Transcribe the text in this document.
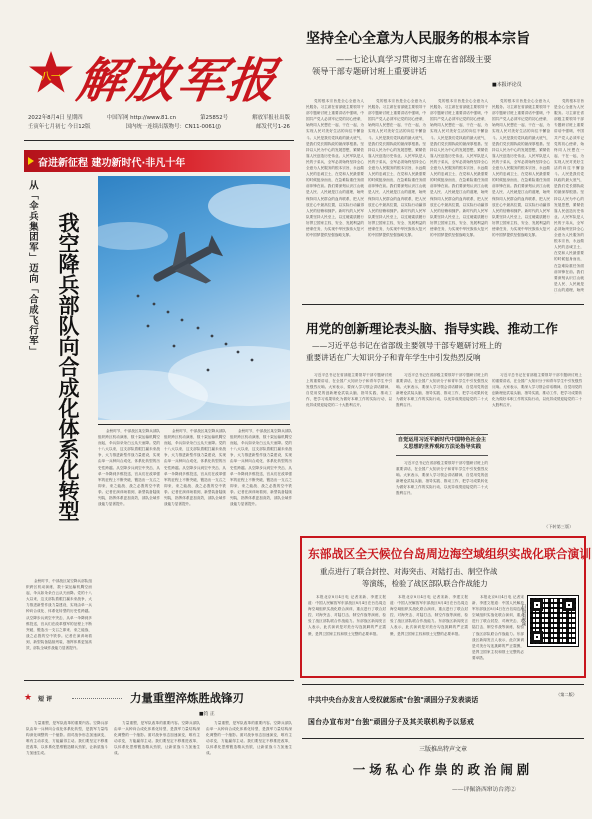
八一 解放军报
2022年8月4日 星期四	中国军网 http://www.81.cn	第25852号	解放军报社出版
壬寅年七月初七 今日12版	国内统一连续出版物号：CN11-0061(J)	邮发代号1-26
坚持全心全意为人民服务的根本宗旨
——七论认真学习贯彻习主席在省部级主要
领导干部专题研讨班上重要讲话
■本报评论员

党的根本宗旨是全心全意为人民服务。习主席在省部级主要领导干部专题研讨班上重要讲话中强调，中国共产党人必须牢记党的初心使命，始终同人民想在一起、干在一起，为实现人民对美好生活的向往不懈奋斗。人民是我们党执政的最大底气，是我们党长期执政的最深厚根基。坚持以人民为中心的发展思想，紧紧依靠人民创造历史伟业。人民军队是人民的子弟兵，全军必须始终坚持全心全意为人民服务的根本宗旨，永远做人民的忠诚卫士，在党和人民最需要的时候挺身而出，在急难险重任务面前冲锋在前。我们要深刻认识江山就是人民、人民就是江山的道理，始终保持同人民群众的血肉联系，把人民放在心中最高位置，以实际行动赢得人民的信赖和拥护。新时代的人民军队要坚持人民至上，以过硬素质履行好捍卫国家主权、安全、发展利益的使命任务，为实现中华民族伟大复兴的中国梦提供坚强战略支撑。

党的根本宗旨是全心全意为人民服务。习主席在省部级主要领导干部专题研讨班上重要讲话中强调，中国共产党人必须牢记党的初心使命，始终同人民想在一起、干在一起，为实现人民对美好生活的向往不懈奋斗。人民是我们党执政的最大底气，是我们党长期执政的最深厚根基。坚持以人民为中心的发展思想，紧紧依靠人民创造历史伟业。人民军队是人民的子弟兵，全军必须始终坚持全心全意为人民服务的根本宗旨，永远做人民的忠诚卫士，在党和人民最需要的时候挺身而出，在急难险重任务面前冲锋在前。我们要深刻认识江山就是人民、人民就是江山的道理，始终保持同人民群众的血肉联系，把人民放在心中最高位置，以实际行动赢得人民的信赖和拥护。新时代的人民军队要坚持人民至上，以过硬素质履行好捍卫国家主权、安全、发展利益的使命任务，为实现中华民族伟大复兴的中国梦提供坚强战略支撑。

党的根本宗旨是全心全意为人民服务。习主席在省部级主要领导干部专题研讨班上重要讲话中强调，中国共产党人必须牢记党的初心使命，始终同人民想在一起、干在一起，为实现人民对美好生活的向往不懈奋斗。人民是我们党执政的最大底气，是我们党长期执政的最深厚根基。坚持以人民为中心的发展思想，紧紧依靠人民创造历史伟业。人民军队是人民的子弟兵，全军必须始终坚持全心全意为人民服务的根本宗旨，永远做人民的忠诚卫士，在党和人民最需要的时候挺身而出，在急难险重任务面前冲锋在前。我们要深刻认识江山就是人民、人民就是江山的道理，始终保持同人民群众的血肉联系，把人民放在心中最高位置，以实际行动赢得人民的信赖和拥护。新时代的人民军队要坚持人民至上，以过硬素质履行好捍卫国家主权、安全、发展利益的使命任务，为实现中华民族伟大复兴的中国梦提供坚强战略支撑。

党的根本宗旨是全心全意为人民服务。习主席在省部级主要领导干部专题研讨班上重要讲话中强调，中国共产党人必须牢记党的初心使命，始终同人民想在一起、干在一起，为实现人民对美好生活的向往不懈奋斗。人民是我们党执政的最大底气，是我们党长期执政的最深厚根基。坚持以人民为中心的发展思想，紧紧依靠人民创造历史伟业。人民军队是人民的子弟兵，全军必须始终坚持全心全意为人民服务的根本宗旨，永远做人民的忠诚卫士，在党和人民最需要的时候挺身而出，在急难险重任务面前冲锋在前。我们要深刻认识江山就是人民、人民就是江山的道理，始终保持同人民群众的血肉联系，把人民放在心中最高位置，以实际行动赢得人民的信赖和拥护。新时代的人民军队要坚持人民至上，以过硬素质履行好捍卫国家主权、安全、发展利益的使命任务，为实现中华民族伟大复兴的中国梦提供坚强战略支撑。

党的根本宗旨是全心全意为人民服务。习主席在省部级主要领导干部专题研讨班上重要讲话中强调，中国共产党人必须牢记党的初心使命，始终同人民想在一起、干在一起，为实现人民对美好生活的向往不懈奋斗。人民是我们党执政的最大底气，是我们党长期执政的最深厚根基。坚持以人民为中心的发展思想，紧紧依靠人民创造历史伟业。人民军队是人民的子弟兵，全军必须始终坚持全心全意为人民服务的根本宗旨，永远做人民的忠诚卫士，在党和人民最需要的时候挺身而出，在急难险重任务面前冲锋在前。我们要深刻认识江山就是人民、人民就是江山的道理，始终

奋进新征程 建功新时代·非凡十年
从「伞兵集团军」迈向「合成飞行军」 我空降兵部队向合成化体系化转型	金秋时节，中部战区某空降兵部队组织跨区机动演练，数十架运输机腾空而起，伞兵如朵朵白云从天而降。党的十八大以来，这支部队着眼打赢未来战争，大力推进新型作战力量建设，实现由单一兵种向合成化、体系化转型的历史性跨越。从空降步兵到空中突击、从单一伞降到多维投送，官兵们在改革强军的征程上不断突破，锻造出一支召之即来、来之能战、战之必胜的空中铁拳。记者在演训场看到，新型装备陆续列装，指挥体系更加高效，部队全域作战能力显著提升。

金秋时节，中部战区某空降兵部队组织跨区机动演练，数十架运输机腾空而起，伞兵如朵朵白云从天而降。党的十八大以来，这支部队着眼打赢未来战争，大力推进新型作战力量建设，实现由单一兵种向合成化、体系化转型的历史性跨越。从空降步兵到空中突击、从单一伞降到多维投送，官兵们在改革强军的征程上不断突破，锻造出一支召之即来、来之能战、战之必胜的空中铁拳。记者在演训场看到，新型装备陆续列装，指挥体系更加高效，部队全域作战能力显著提升。

金秋时节，中部战区某空降兵部队组织跨区机动演练，数十架运输机腾空而起，伞兵如朵朵白云从天而降。党的十八大以来，这支部队着眼打赢未来战争，大力推进新型作战力量建设，实现由单一兵种向合成化、体系化转型的历史性跨越。从空降步兵到空中突击、从单一伞降到多维投送，官兵们在改革强军的征程上不断突破，锻造出一支召之即来、来之能战、战之必胜的空中铁拳。记者在演训场看到，新型装备陆续列装，指挥体系更加高效，部队全域作战能力显著提升。

金秋时节，中部战区某空降兵部队组织跨区机动演练，数十架运输机腾空而起，伞兵如朵朵白云从天而降。党的十八大以来，这支部队着眼打赢未来战争，大力推进新型作战力量建设，实现由单一兵种向合成化、体系化转型的历史性跨越。从空降步兵到空中突击、从单一伞降到多维投送，官兵们在改革强军的征程上不断突破，锻造出一支召之即来、来之能战、战之必胜的空中铁拳。记者在演训场看到，新型装备陆续列装，指挥体系更加高效，部队全域作战能力显著提升。

用党的创新理论表头脑、指导实践、推动工作
——习近平总书记在省部级主要领导干部专题研讨班上的
重要讲话在广大知识分子和青年学生中引发热烈反响

习近平总书记在省部级主要领导干部专题研讨班上的重要讲话，在全国广大知识分子和青年学生中引发强烈反响。大家表示，要深入学习领会讲话精神，自觉用党的创新理论武装头脑、指导实践、推动工作，把学习成果转化为做好本职工作的实际行动，以优异成绩迎接党的二十大胜利召开。

自觉运用习近平新时代中国特色社会主义思想的世界观和方法论指导实践

习近平总书记在省部级主要领导干部专题研讨班上的重要讲话，在全国广大知识分子和青年学生中引发强烈反响。大家表示，要深入学习领会讲话精神，自觉用党的创新理论武装头脑、指导实践、推动工作，把学习成果转化为做好本职工作的实际行动，以优异成绩迎接党的二十大胜利召开。

习近平总书记在省部级主要领导干部专题研讨班上的重要讲话，在全国广大知识分子和青年学生中引发强烈反响。大家表示，要深入学习领会讲话精神，自觉用党的创新理论武装头脑、指导实践、推动工作，把学习成果转化为做好本职工作的实际行动，以优异成绩迎接党的二十大胜利召开。

习近平总书记在省部级主要领导干部专题研讨班上的重要讲话，在全国广大知识分子和青年学生中引发强烈反响。大家表示，要深入学习领会讲话精神，自觉用党的创新理论武装头脑、指导实践、推动工作，把学习成果转化为做好本职工作的实际行动，以优异成绩迎接党的二十大胜利召开。

（下转第三版）
东部战区全天候位台岛周边海空域组织实战化联合演训
重点进行了联合封控、对海突击、对陆打击、制空作战
等演练，检验了战区部队联合作战能力

本报北京8月4日电 记者宋新、李建文报道：中国人民解放军东部战区8月4日在台岛周边海空域组织实战化联合演训，重点进行了联合封控、对海突击、对陆打击、制空作战等演练，检验了战区部队联合作战能力。东部战区新闻发言人表示，此次演训是对美台勾连挑衅的严正震慑，是捍卫国家主权和领土完整的必要举措。

本报北京8月4日电 记者宋新、李建文报道：中国人民解放军东部战区8月4日在台岛周边海空域组织实战化联合演训，重点进行了联合封控、对海突击、对陆打击、制空作战等演练，检验了战区部队联合作战能力。东部战区新闻发言人表示，此次演训是对美台勾连挑衅的严正震慑，是捍卫国家主权和领土完整的必要举措。

本报北京8月4日电 记者宋新、李建文报道：中国人民解放军东部战区8月4日在台岛周边海空域组织实战化联合演训，重点进行了联合封控、对海突击、对陆打击、制空作战等演练，检验了战区部队联合作战能力。东部战区新闻发言人表示，此次演训是对美台勾连挑衅的严正震慑，是捍卫国家主权和领土完整的必要举措。

扫码看视频
★ 短 评	力量重塑淬炼胜战锋刃
■钧 正

力量重塑，是军队改革的重要内容。空降兵部队由单一兵种向合成化体系化转型，是我军力量结构深化调整的一个缩影。面对战争形态加速演变，唯有主动求变，方能赢得主动。我们要坚定不移推进改革，以体系化思维锻造精兵劲旅，让新质战斗力加速生成。

力量重塑，是军队改革的重要内容。空降兵部队由单一兵种向合成化体系化转型，是我军力量结构深化调整的一个缩影。面对战争形态加速演变，唯有主动求变，方能赢得主动。我们要坚定不移推进改革，以体系化思维锻造精兵劲旅，让新质战斗力加速生成。

力量重塑，是军队改革的重要内容。空降兵部队由单一兵种向合成化体系化转型，是我军力量结构深化调整的一个缩影。面对战争形态加速演变，唯有主动求变，方能赢得主动。我们要坚定不移推进改革，以体系化思维锻造精兵劲旅，让新质战斗力加速生成。

中共中央台办发言人受权就惩戒"台独"顽固分子发表谈话
（第二版）
国台办宣布对"台独"顽固分子及其关联机构予以惩戒
三版推出特声文章
一场私心作祟的政治闹剧
——评佩洛西窜访台湾②
